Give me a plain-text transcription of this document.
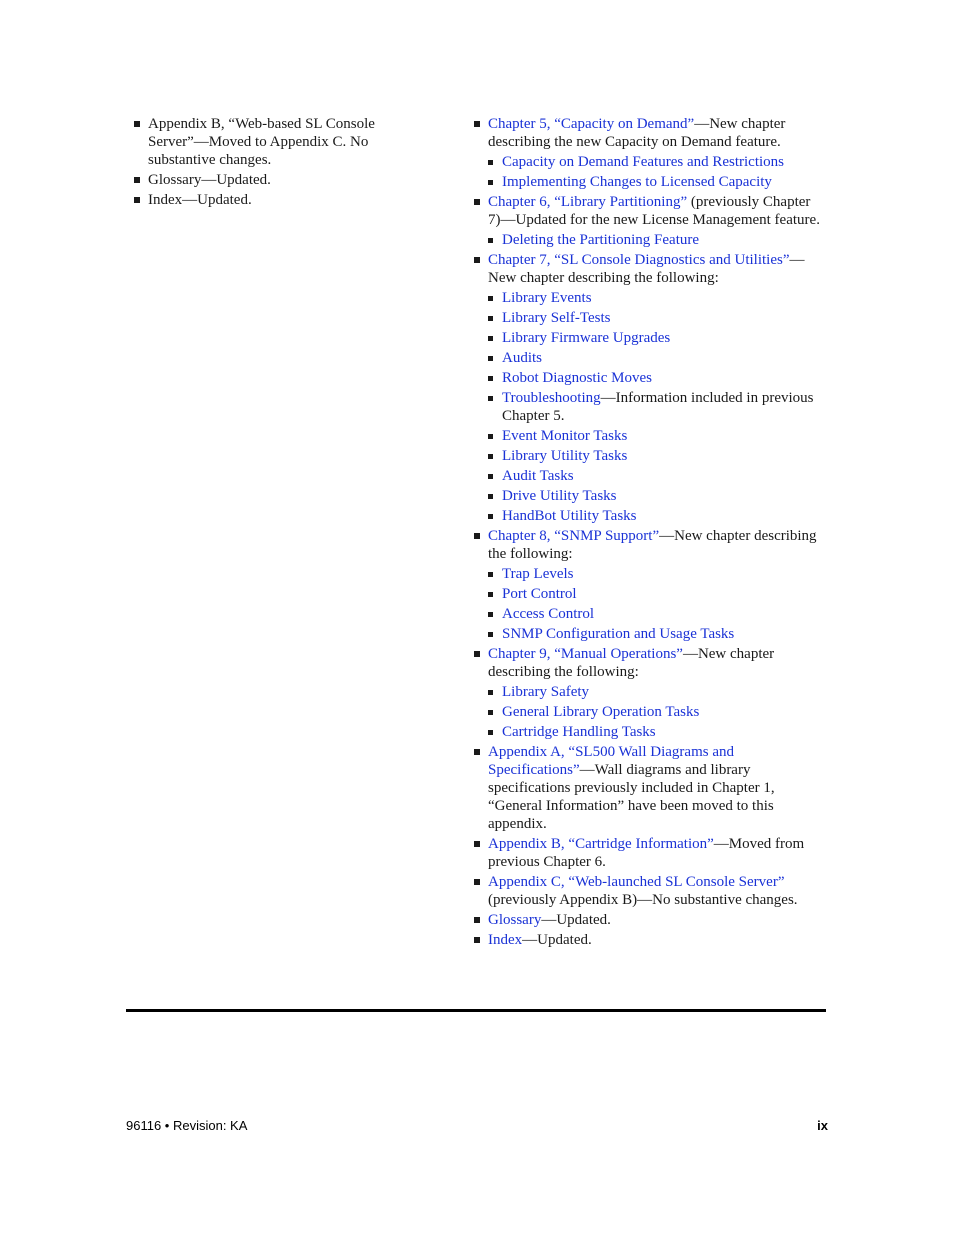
Appendix B, “Web-based SL Console Server”—Moved to Appendix C. No substantive changes.
Glossary—Updated.
Index—Updated.
Chapter 5, “Capacity on Demand”—New chapter describing the new Capacity on Demand feature.
Capacity on Demand Features and Restrictions
Implementing Changes to Licensed Capacity
Chapter 6, “Library Partitioning” (previously Chapter 7)—Updated for the new License Management feature.
Deleting the Partitioning Feature
Chapter 7, “SL Console Diagnostics and Utilities”—New chapter describing the following:
Library Events
Library Self-Tests
Library Firmware Upgrades
Audits
Robot Diagnostic Moves
Troubleshooting—Information included in previous Chapter 5.
Event Monitor Tasks
Library Utility Tasks
Audit Tasks
Drive Utility Tasks
HandBot Utility Tasks
Chapter 8, “SNMP Support”—New chapter describing the following:
Trap Levels
Port Control
Access Control
SNMP Configuration and Usage Tasks
Chapter 9, “Manual Operations”—New chapter describing the following:
Library Safety
General Library Operation Tasks
Cartridge Handling Tasks
Appendix A, “SL500 Wall Diagrams and Specifications”—Wall diagrams and library specifications previously included in Chapter 1, “General Information” have been moved to this appendix.
Appendix B, “Cartridge Information”—Moved from previous Chapter 6.
Appendix C, “Web-launched SL Console Server” (previously Appendix B)—No substantive changes.
Glossary—Updated.
Index—Updated.
96116 • Revision: KA	ix
